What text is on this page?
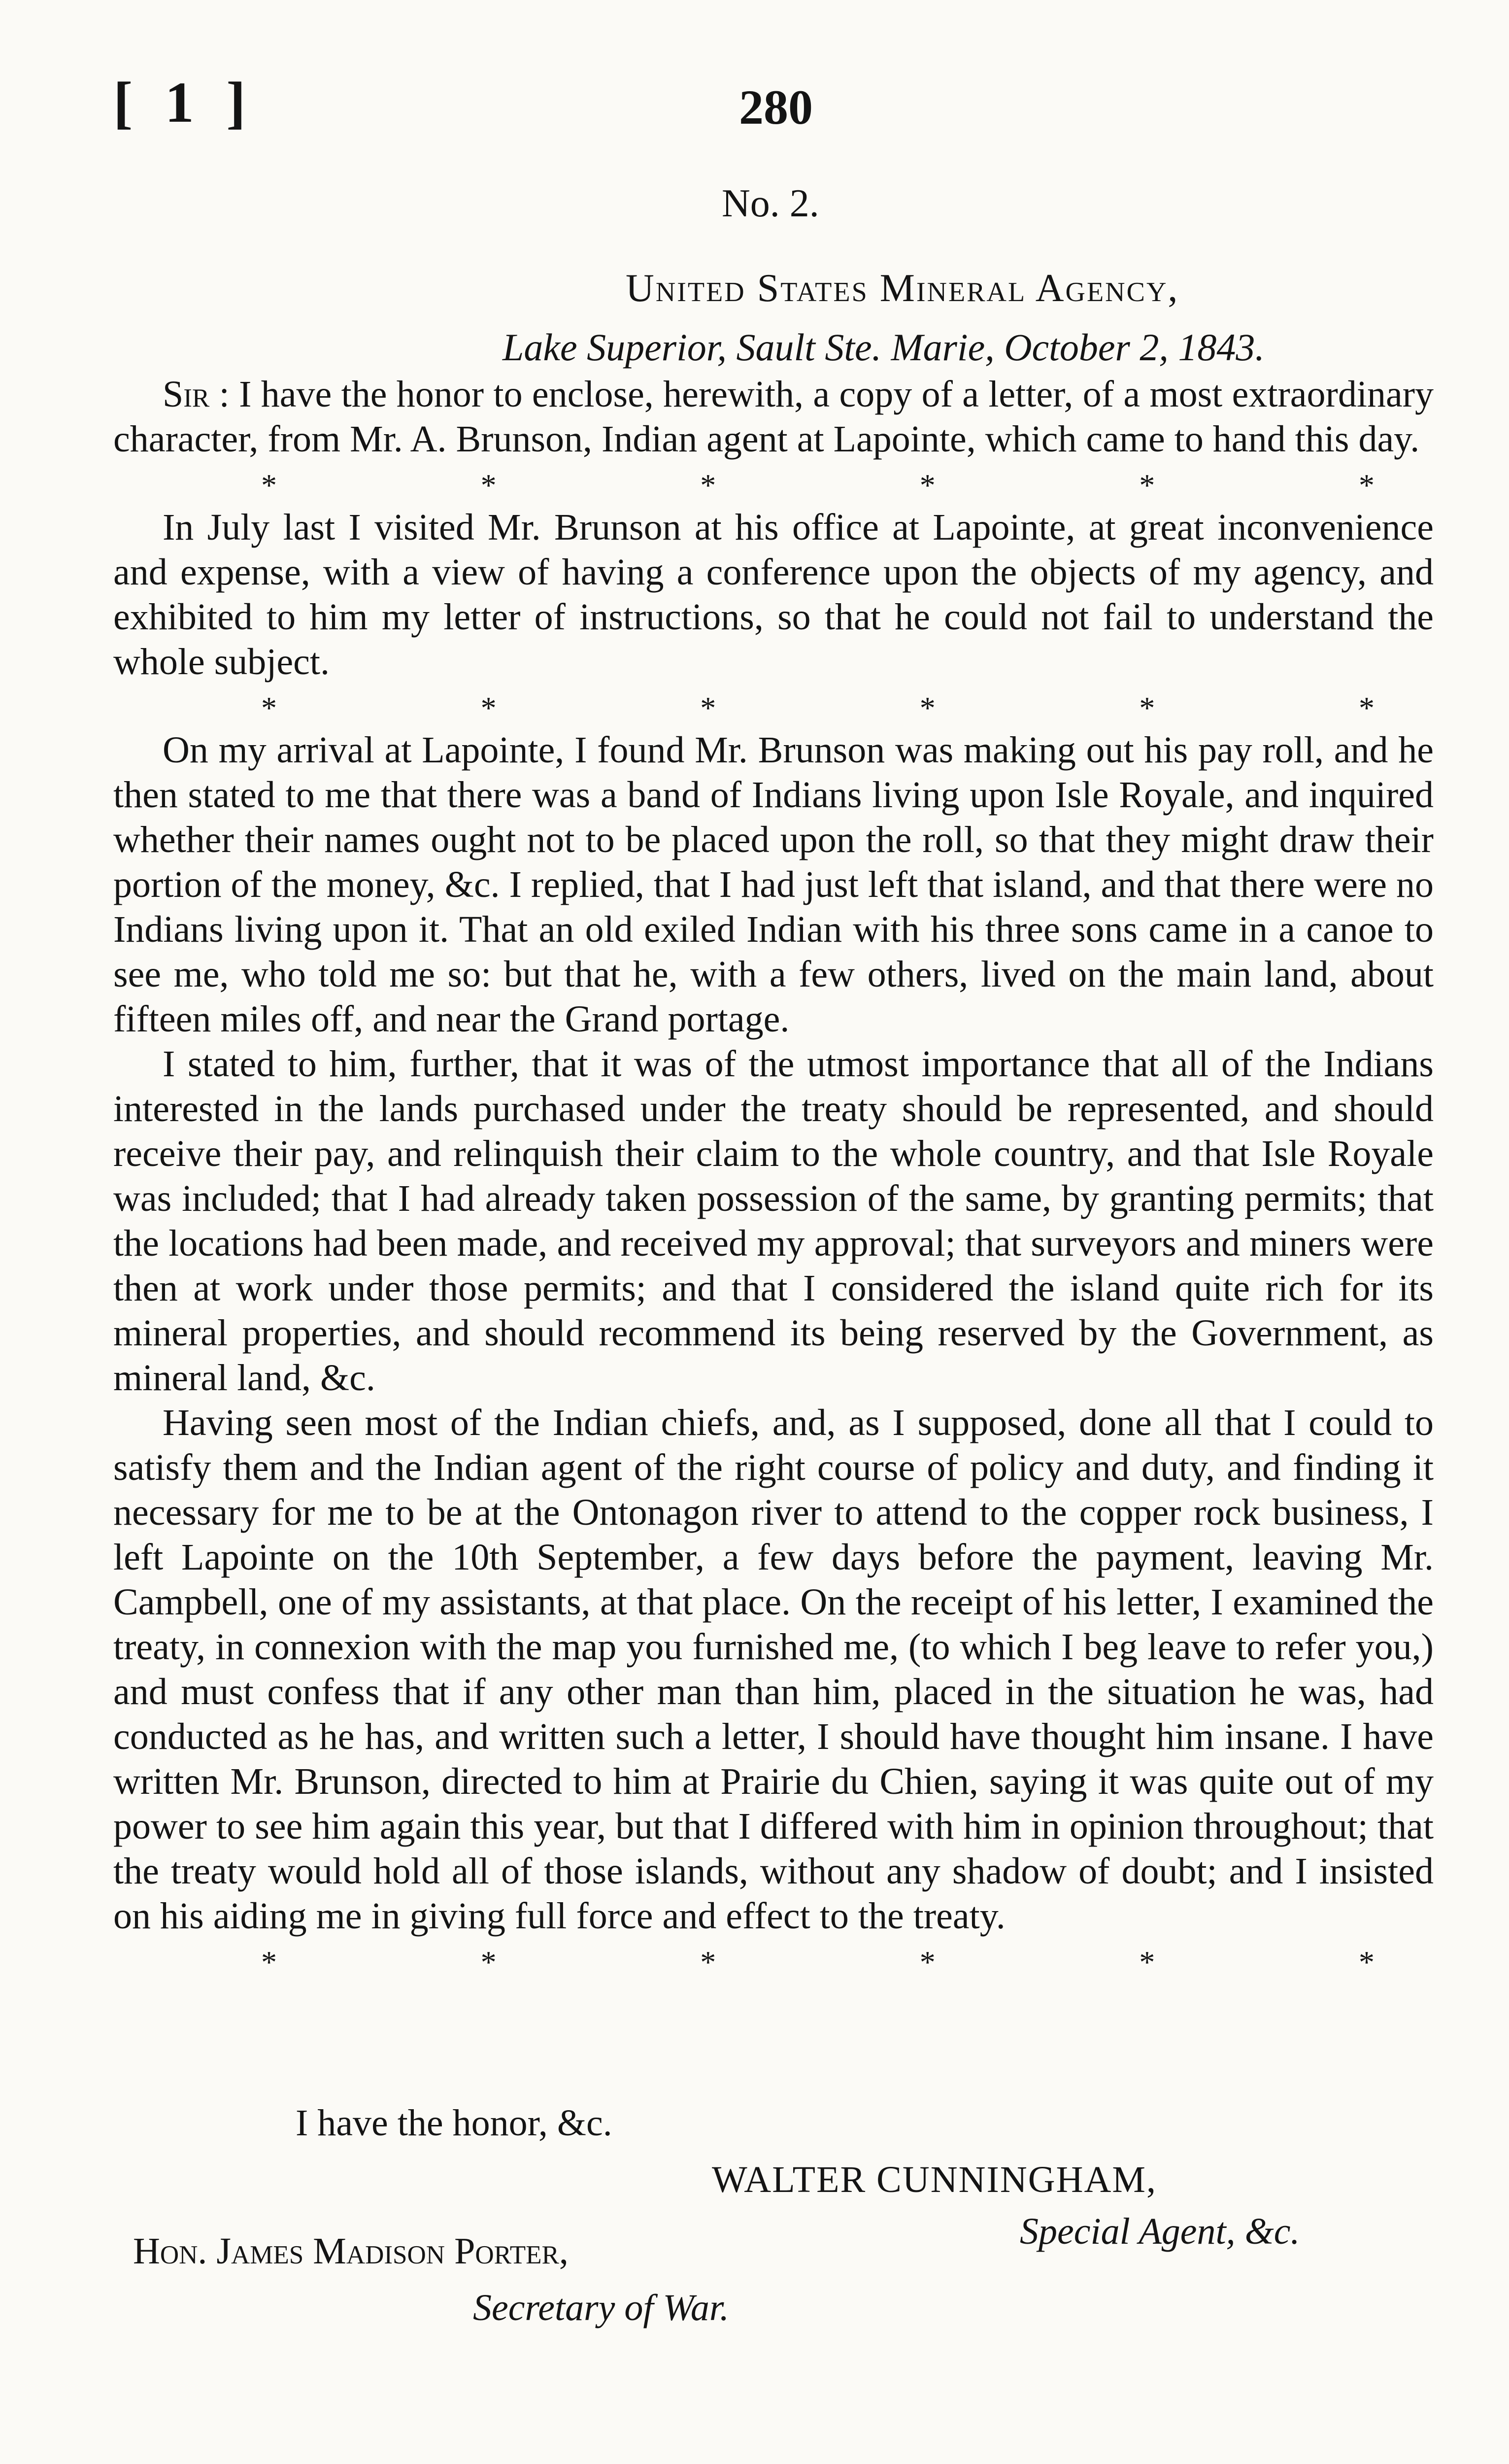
[ 1 ]	280
No. 2.
United States Mineral Agency,
Lake Superior, Sault Ste. Marie, October 2, 1843.

Sir : I have the honor to enclose, herewith, a copy of a letter, of a most extraordinary character, from Mr. A. Brunson, Indian agent at Lapointe, which came to hand this day.

*	*	*	*	*	*

In July last I visited Mr. Brunson at his office at Lapointe, at great inconvenience and expense, with a view of having a conference upon the objects of my agency, and exhibited to him my letter of instructions, so that he could not fail to understand the whole subject.

*	*	*	*	*	*

On my arrival at Lapointe, I found Mr. Brunson was making out his pay roll, and he then stated to me that there was a band of Indians living upon Isle Royale, and inquired whether their names ought not to be placed upon the roll, so that they might draw their portion of the money, &c. I replied, that I had just left that island, and that there were no Indians living upon it. That an old exiled Indian with his three sons came in a canoe to see me, who told me so: but that he, with a few others, lived on the main land, about fifteen miles off, and near the Grand portage.

I stated to him, further, that it was of the utmost importance that all of the Indians interested in the lands purchased under the treaty should be represented, and should receive their pay, and relinquish their claim to the whole country, and that Isle Royale was included; that I had already taken possession of the same, by granting permits; that the locations had been made, and received my approval; that surveyors and miners were then at work under those permits; and that I considered the island quite rich for its mineral properties, and should recommend its being reserved by the Government, as mineral land, &c.

Having seen most of the Indian chiefs, and, as I supposed, done all that I could to satisfy them and the Indian agent of the right course of policy and duty, and finding it necessary for me to be at the Ontonagon river to attend to the copper rock business, I left Lapointe on the 10th September, a few days before the payment, leaving Mr. Campbell, one of my assistants, at that place. On the receipt of his letter, I examined the treaty, in connexion with the map you furnished me, (to which I beg leave to refer you,) and must confess that if any other man than him, placed in the situation he was, had conducted as he has, and written such a letter, I should have thought him insane. I have written Mr. Brunson, directed to him at Prairie du Chien, saying it was quite out of my power to see him again this year, but that I differed with him in opinion throughout; that the treaty would hold all of those islands, without any shadow of doubt; and I insisted on his aiding me in giving full force and effect to the treaty.

*	*	*	*	*	*
I have the honor, &c.
WALTER CUNNINGHAM,
Special Agent, &c.
Hon. James Madison Porter,
Secretary of War.
